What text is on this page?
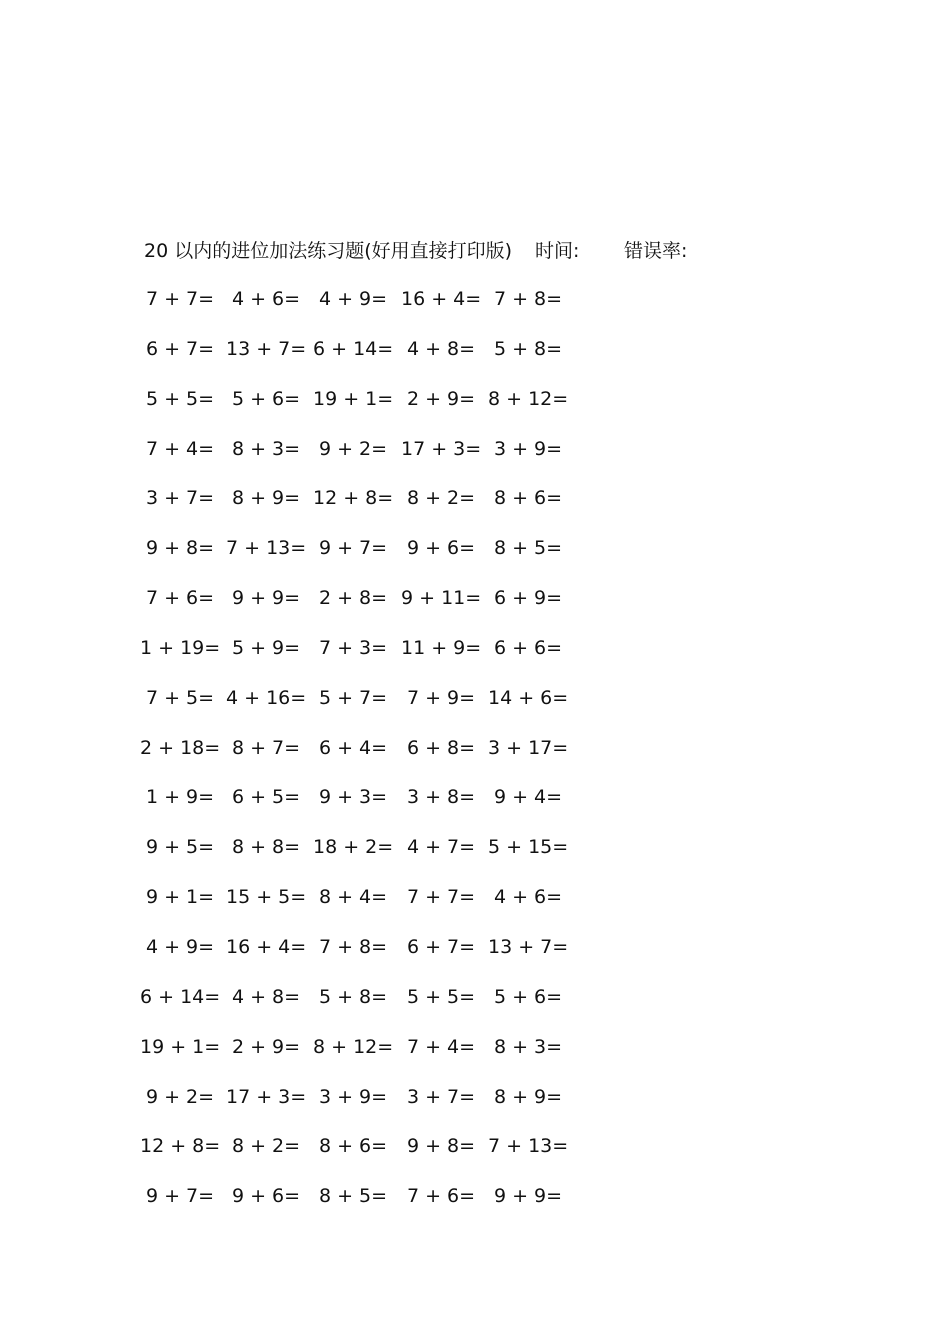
20 以内的进位加法练习题(好用直接打印版) 时间: 错误率:
7 + 7= 4 + 6= 4 + 9= 16 + 4= 7 + 8=
6 + 7= 13 + 7= 6 + 14= 4 + 8= 5 + 8=
5 + 5= 5 + 6= 19 + 1= 2 + 9= 8 + 12=
7 + 4= 8 + 3= 9 + 2= 17 + 3= 3 + 9=
3 + 7= 8 + 9= 12 + 8= 8 + 2= 8 + 6=
9 + 8= 7 + 13= 9 + 7=	9 + 6= 8 + 5=
7 + 6= 9 + 9= 2 + 8= 9 + 11= 6 + 9=
1 + 19= 5 + 9= 7 + 3= 11 + 9= 6 + 6=
7 + 5= 4 + 16= 5 + 7=	7 + 9= 14 + 6=
2 + 18= 8 + 7= 6 + 4=	6 + 8= 3 + 17=
1 + 9= 6 + 5= 9 + 3=	3 + 8= 9 + 4=
9 + 5= 8 + 8= 18 + 2= 4 + 7= 5 + 15=
9 + 1= 15 + 5= 8 + 4=	7 + 7= 4 + 6=
4 + 9= 16 + 4= 7 + 8=	6 + 7= 13 + 7=
6 + 14= 4 + 8= 5 + 8=	5 + 5= 5 + 6=
19 + 1= 2 + 9= 8 + 12= 7 + 4= 8 + 3=
9 + 2= 17 + 3= 3 + 9=	3 + 7= 8 + 9=
12 + 8= 8 + 2= 8 + 6=	9 + 8= 7 + 13=
9 + 7= 9 + 6= 8 + 5=	7 + 6= 9 + 9=
